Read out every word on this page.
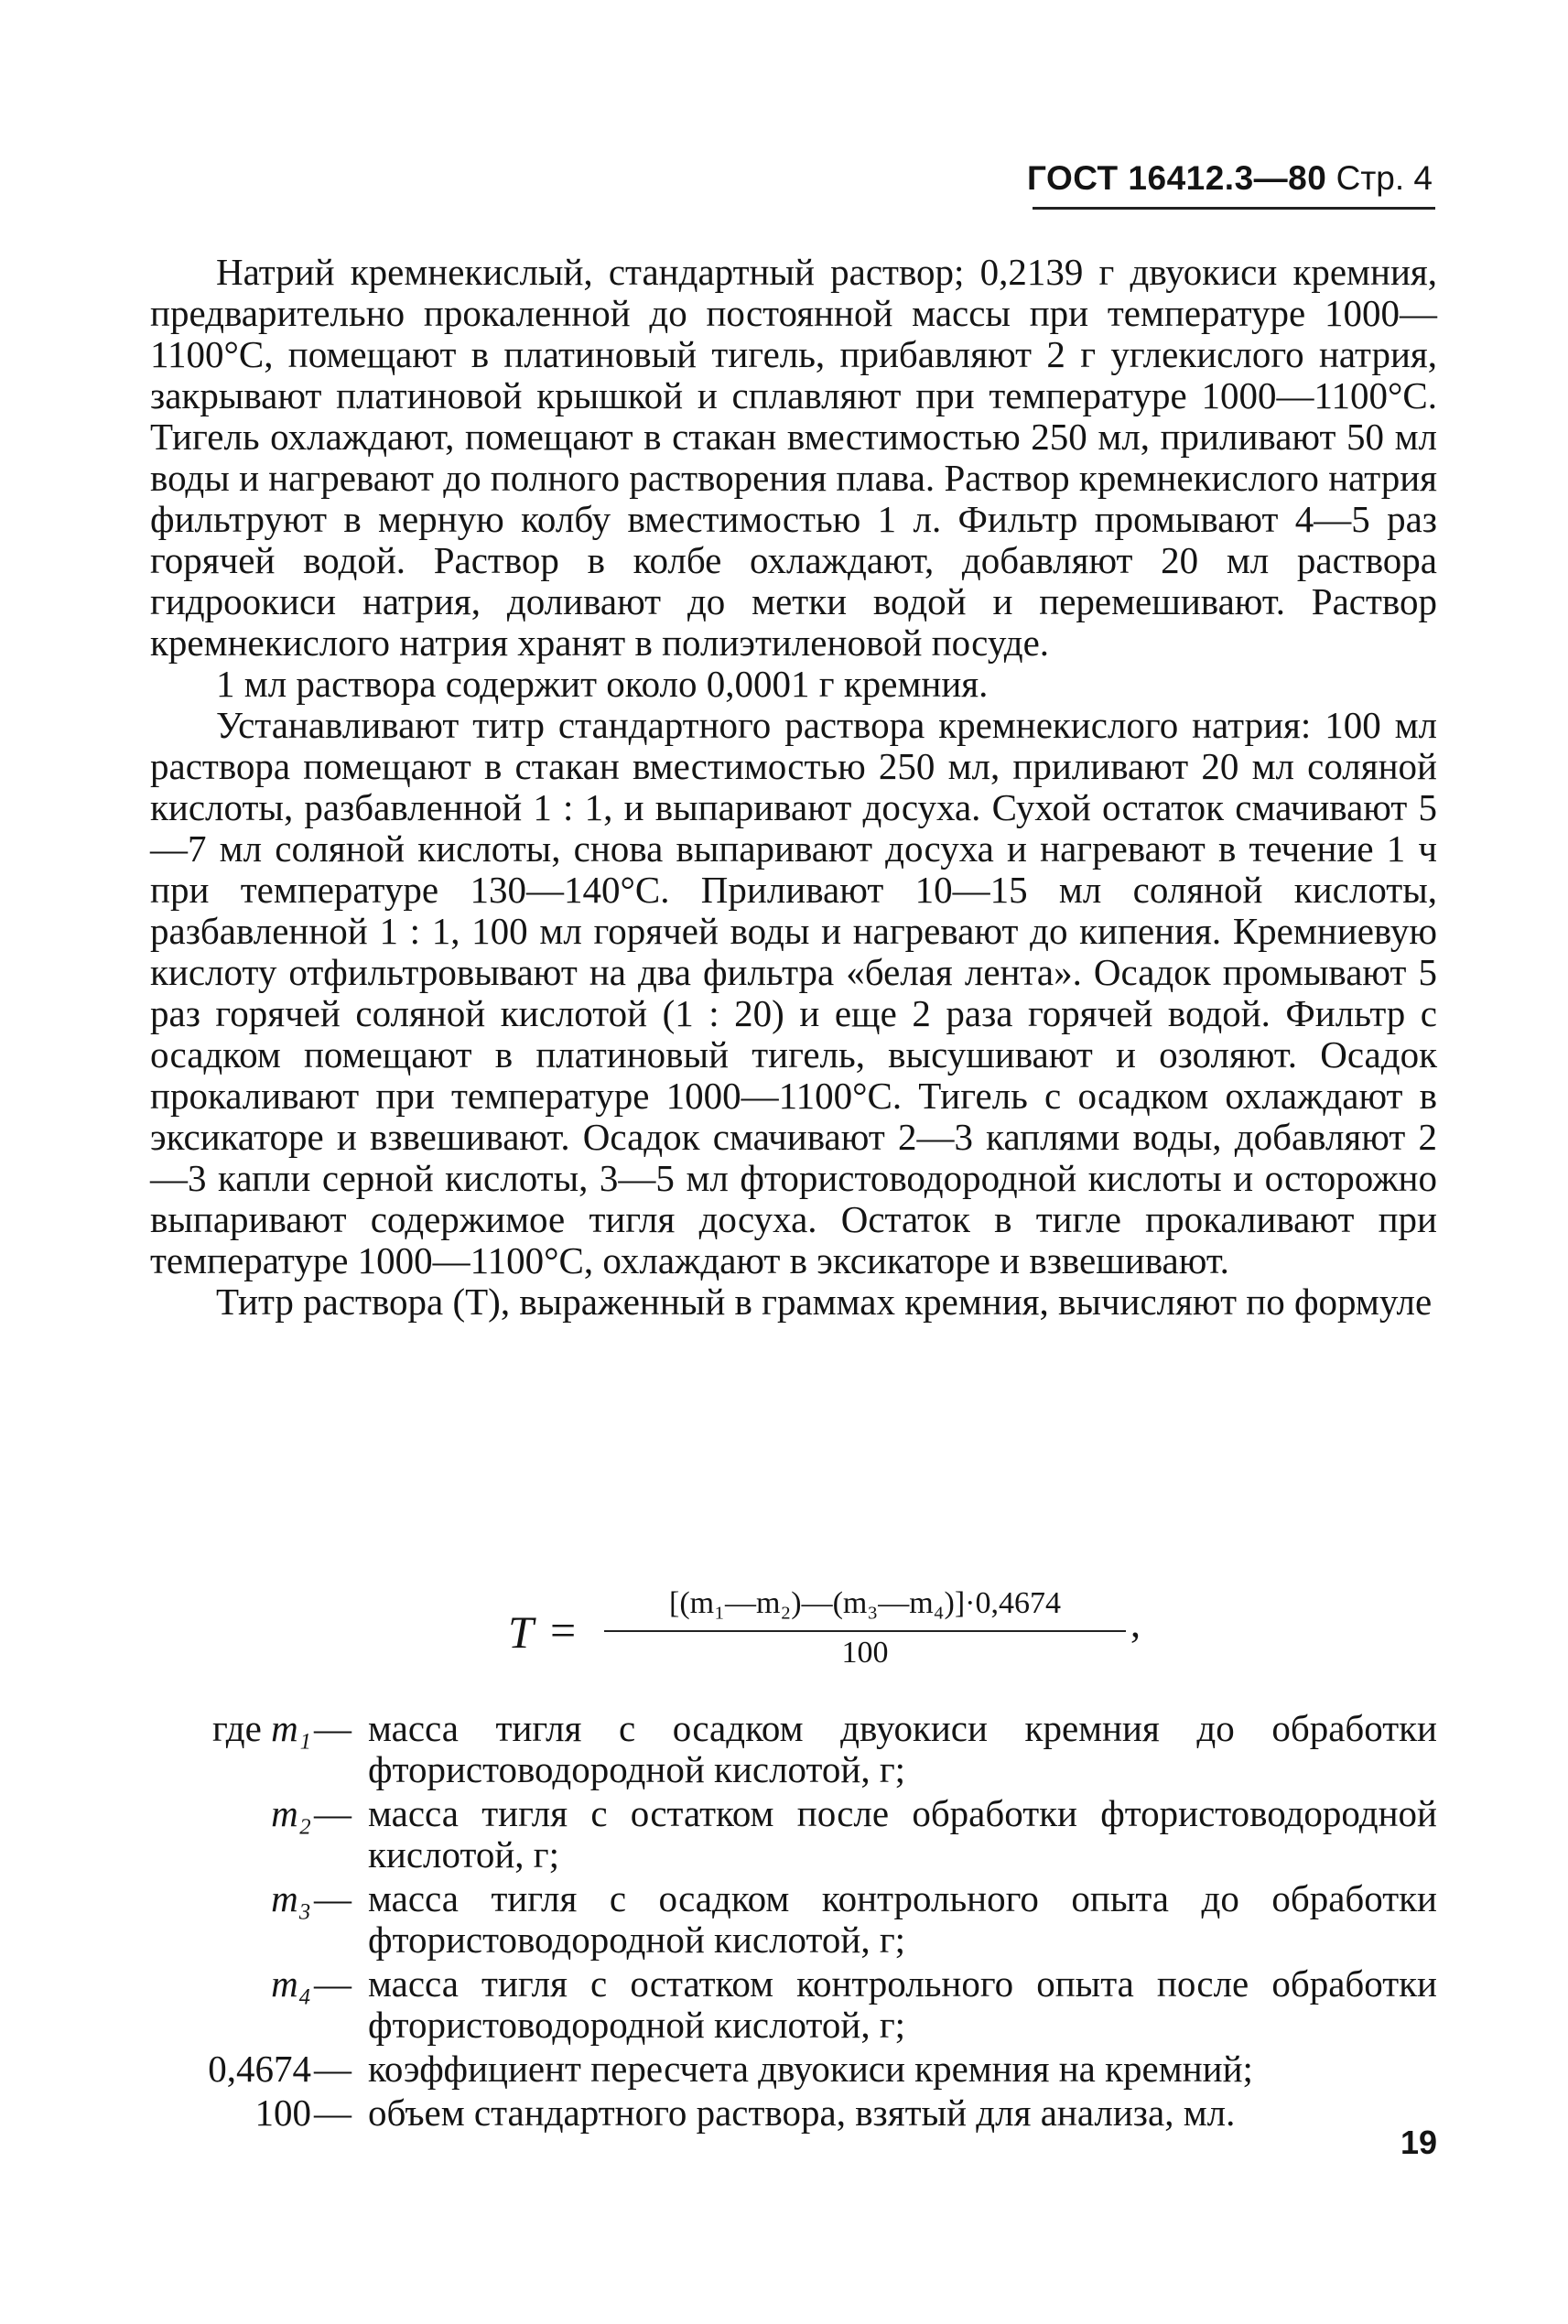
ГОСТ 16412.3—80 Стр. 4

Натрий кремнекислый, стандартный раствор; 0,2139 г двуокиси кремния, предварительно прокаленной до постоянной массы при температуре 1000—1100°С, помещают в платиновый тигель, прибавляют 2 г углекислого натрия, закрывают платиновой крышкой и сплавляют при температуре 1000—1100°С. Тигель охлаждают, помещают в стакан вместимостью 250 мл, приливают 50 мл воды и нагревают до полного растворения плава. Раствор кремнекислого натрия фильтруют в мерную колбу вместимостью 1 л. Фильтр промывают 4—5 раз горячей водой. Раствор в колбе охлаждают, добавляют 20 мл раствора гидроокиси натрия, доливают до метки водой и перемешивают. Раствор кремнекислого натрия хранят в полиэтиленовой посуде.

1 мл раствора содержит около 0,0001 г кремния.

Устанавливают титр стандартного раствора кремнекислого натрия: 100 мл раствора помещают в стакан вместимостью 250 мл, приливают 20 мл соляной кислоты, разбавленной 1 : 1, и выпаривают досуха. Сухой остаток смачивают 5—7 мл соляной кислоты, снова выпаривают досуха и нагревают в течение 1 ч при температуре 130—140°С. Приливают 10—15 мл соляной кислоты, разбавленной 1 : 1, 100 мл горячей воды и нагревают до кипения. Кремниевую кислоту отфильтровывают на два фильтра «белая лента». Осадок промывают 5 раз горячей соляной кислотой (1 : 20) и еще 2 раза горячей водой. Фильтр с осадком помещают в платиновый тигель, высушивают и озоляют. Осадок прокаливают при температуре 1000—1100°С. Тигель с осадком охлаждают в эксикаторе и взвешивают. Осадок смачивают 2—3 каплями воды, добавляют 2—3 капли серной кислоты, 3—5 мл фтористоводородной кислоты и осторожно выпаривают содержимое тигля досуха. Остаток в тигле прокаливают при температуре 1000—1100°С, охлаждают в эксикаторе и взвешивают.

Титр раствора (T), выраженный в граммах кремния, вычисляют по формуле

T =
[(m₁—m₂)—(m₃—m₄)]·0,4674
100
,
где m₁ — масса тигля с осадком двуокиси кремния до обработки фтористоводородной кислотой, г;
m₂ — масса тигля с остатком после обработки фтористоводородной кислотой, г;
m₃ — масса тигля с осадком контрольного опыта до обработки фтористоводородной кислотой, г;
m₄ — масса тигля с остатком контрольного опыта после обработки фтористоводородной кислотой, г;
0,4674 — коэффициент пересчета двуокиси кремния на кремний;
100 — объем стандартного раствора, взятый для анализа, мл.
19
